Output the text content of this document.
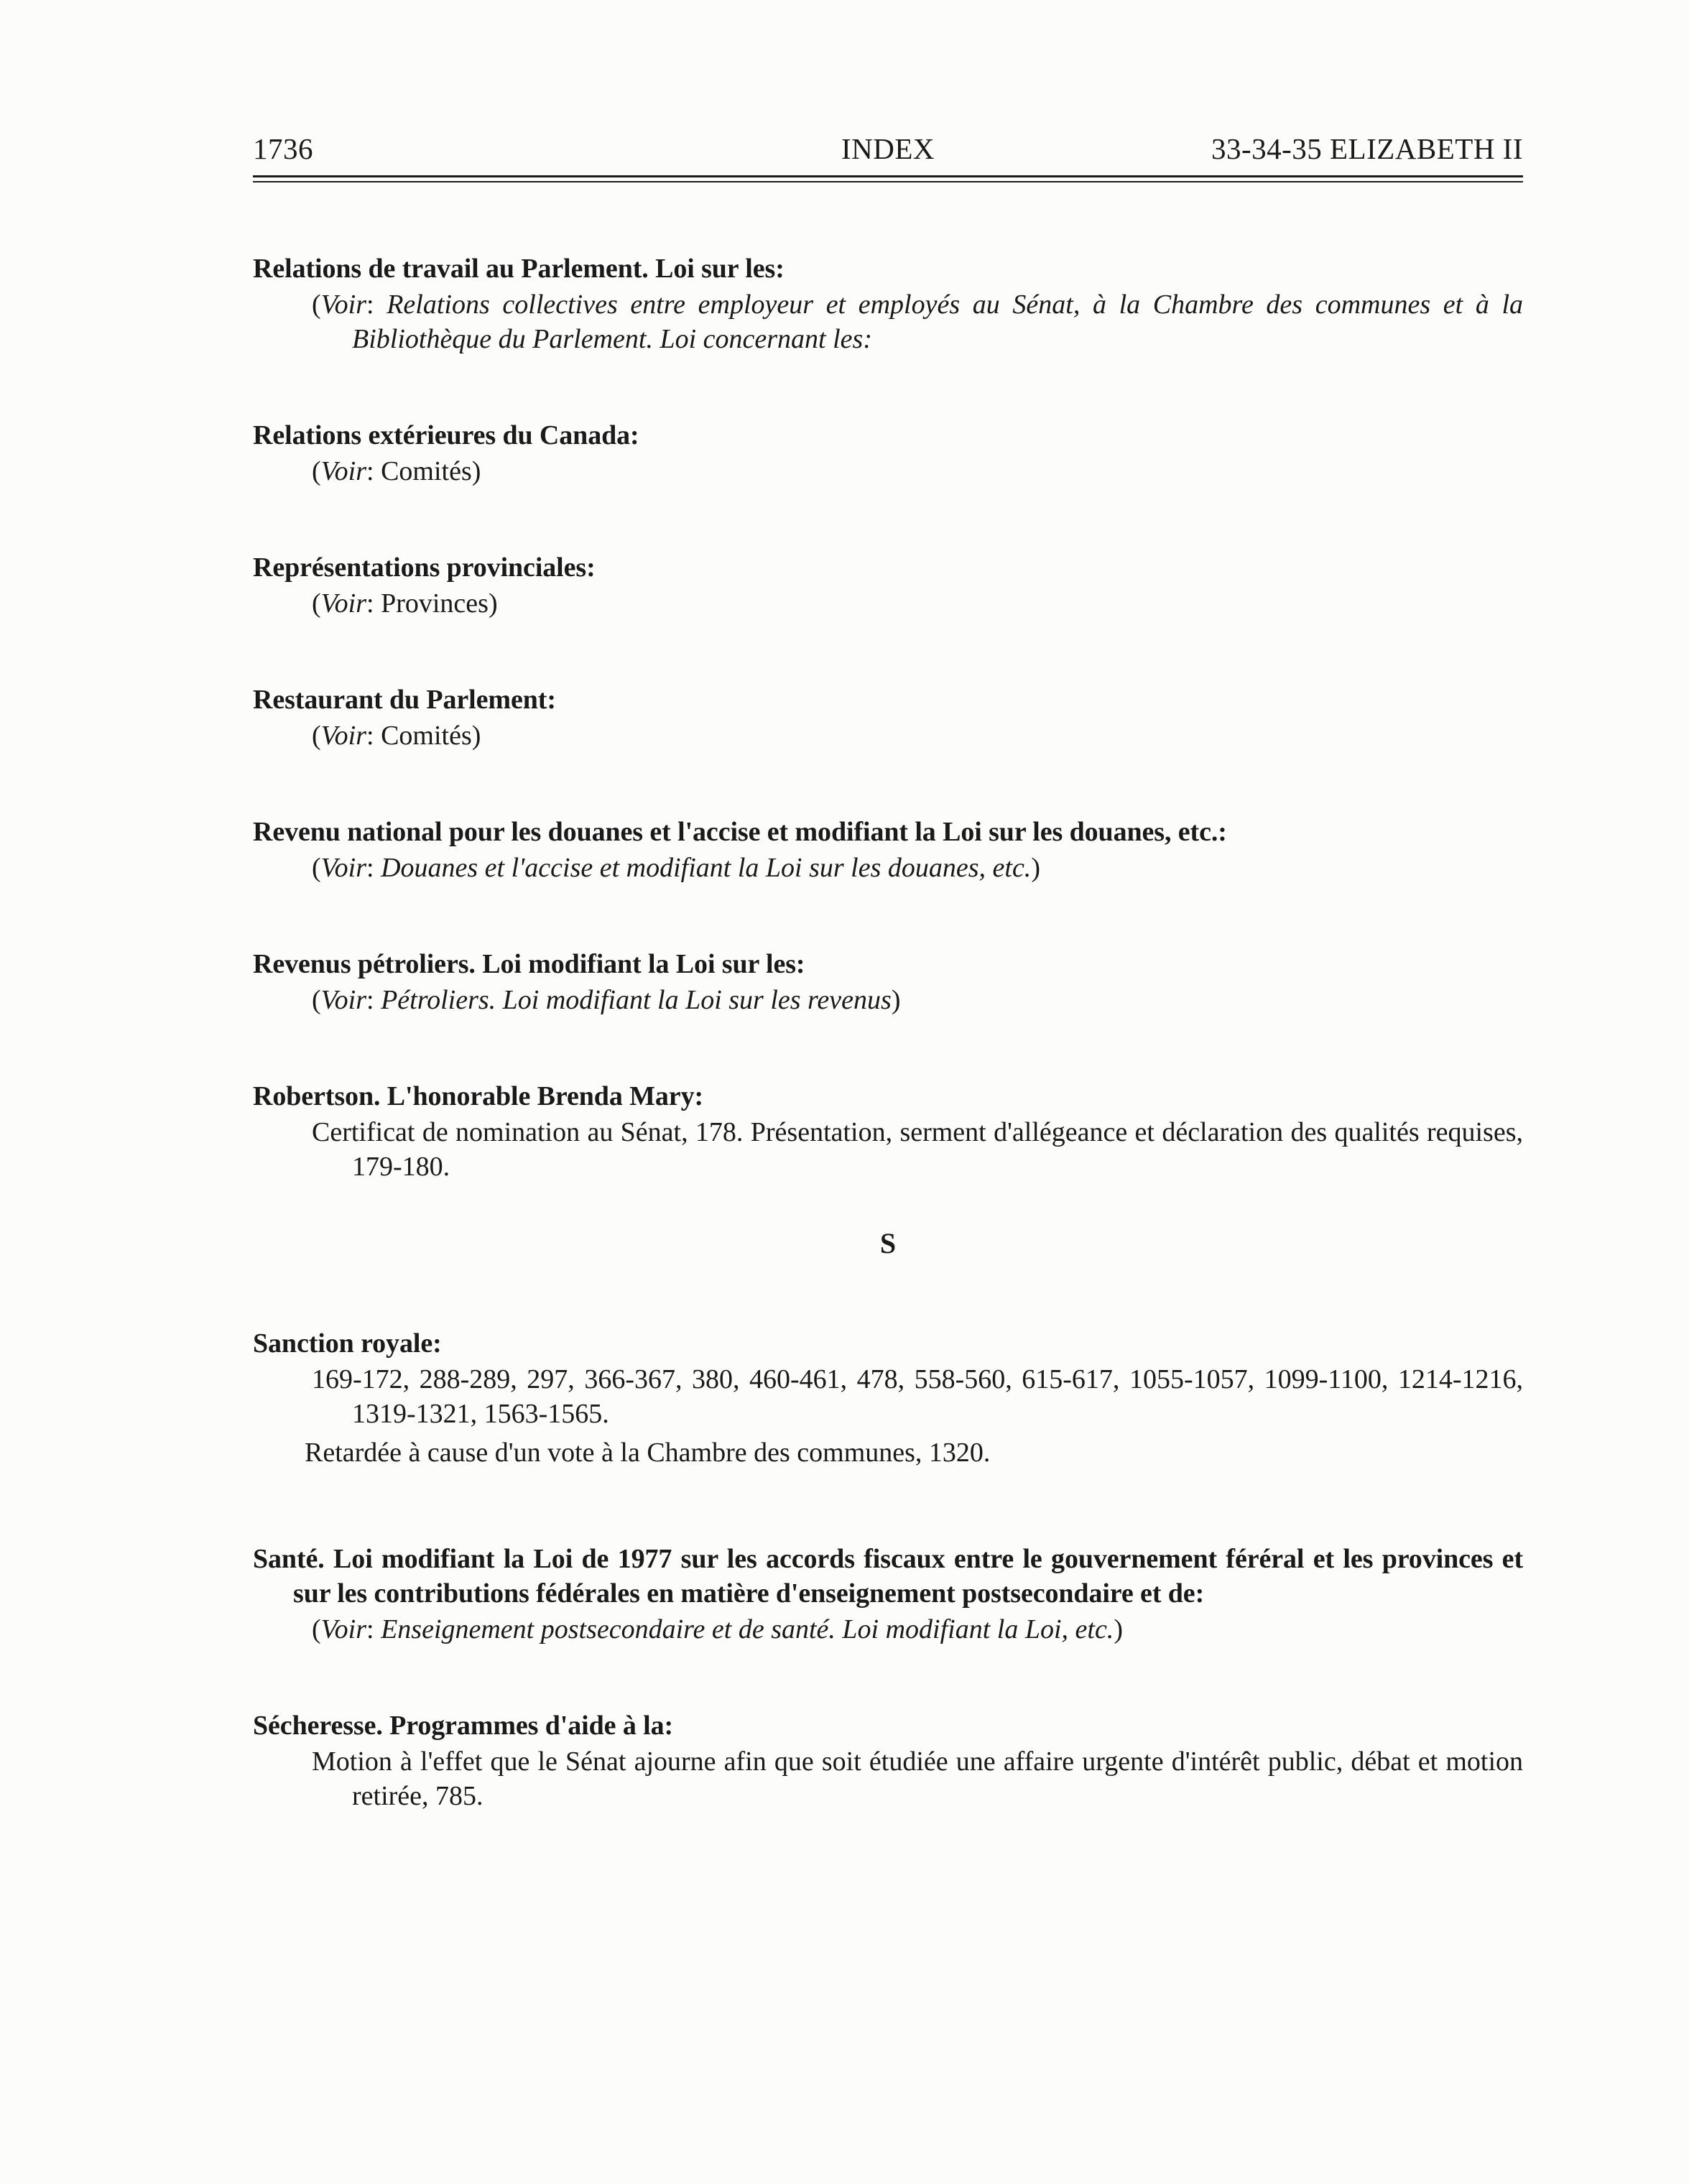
1736	INDEX	33-34-35 ELIZABETH II
Relations de travail au Parlement. Loi sur les:
(Voir: Relations collectives entre employeur et employés au Sénat, à la Chambre des communes et à la Bibliothèque du Parlement. Loi concernant les:
Relations extérieures du Canada:
(Voir: Comités)
Représentations provinciales:
(Voir: Provinces)
Restaurant du Parlement:
(Voir: Comités)
Revenu national pour les douanes et l'accise et modifiant la Loi sur les douanes, etc.:
(Voir: Douanes et l'accise et modifiant la Loi sur les douanes, etc.)
Revenus pétroliers. Loi modifiant la Loi sur les:
(Voir: Pétroliers. Loi modifiant la Loi sur les revenus)
Robertson. L'honorable Brenda Mary:
Certificat de nomination au Sénat, 178. Présentation, serment d'allégeance et déclaration des qualités requises, 179-180.
S
Sanction royale:
169-172, 288-289, 297, 366-367, 380, 460-461, 478, 558-560, 615-617, 1055-1057, 1099-1100, 1214-1216, 1319-1321, 1563-1565.
Retardée à cause d'un vote à la Chambre des communes, 1320.
Santé. Loi modifiant la Loi de 1977 sur les accords fiscaux entre le gouvernement féréral et les provinces et sur les contributions fédérales en matière d'enseignement postsecondaire et de:
(Voir: Enseignement postsecondaire et de santé. Loi modifiant la Loi, etc.)
Sécheresse. Programmes d'aide à la:
Motion à l'effet que le Sénat ajourne afin que soit étudiée une affaire urgente d'intérêt public, débat et motion retirée, 785.
